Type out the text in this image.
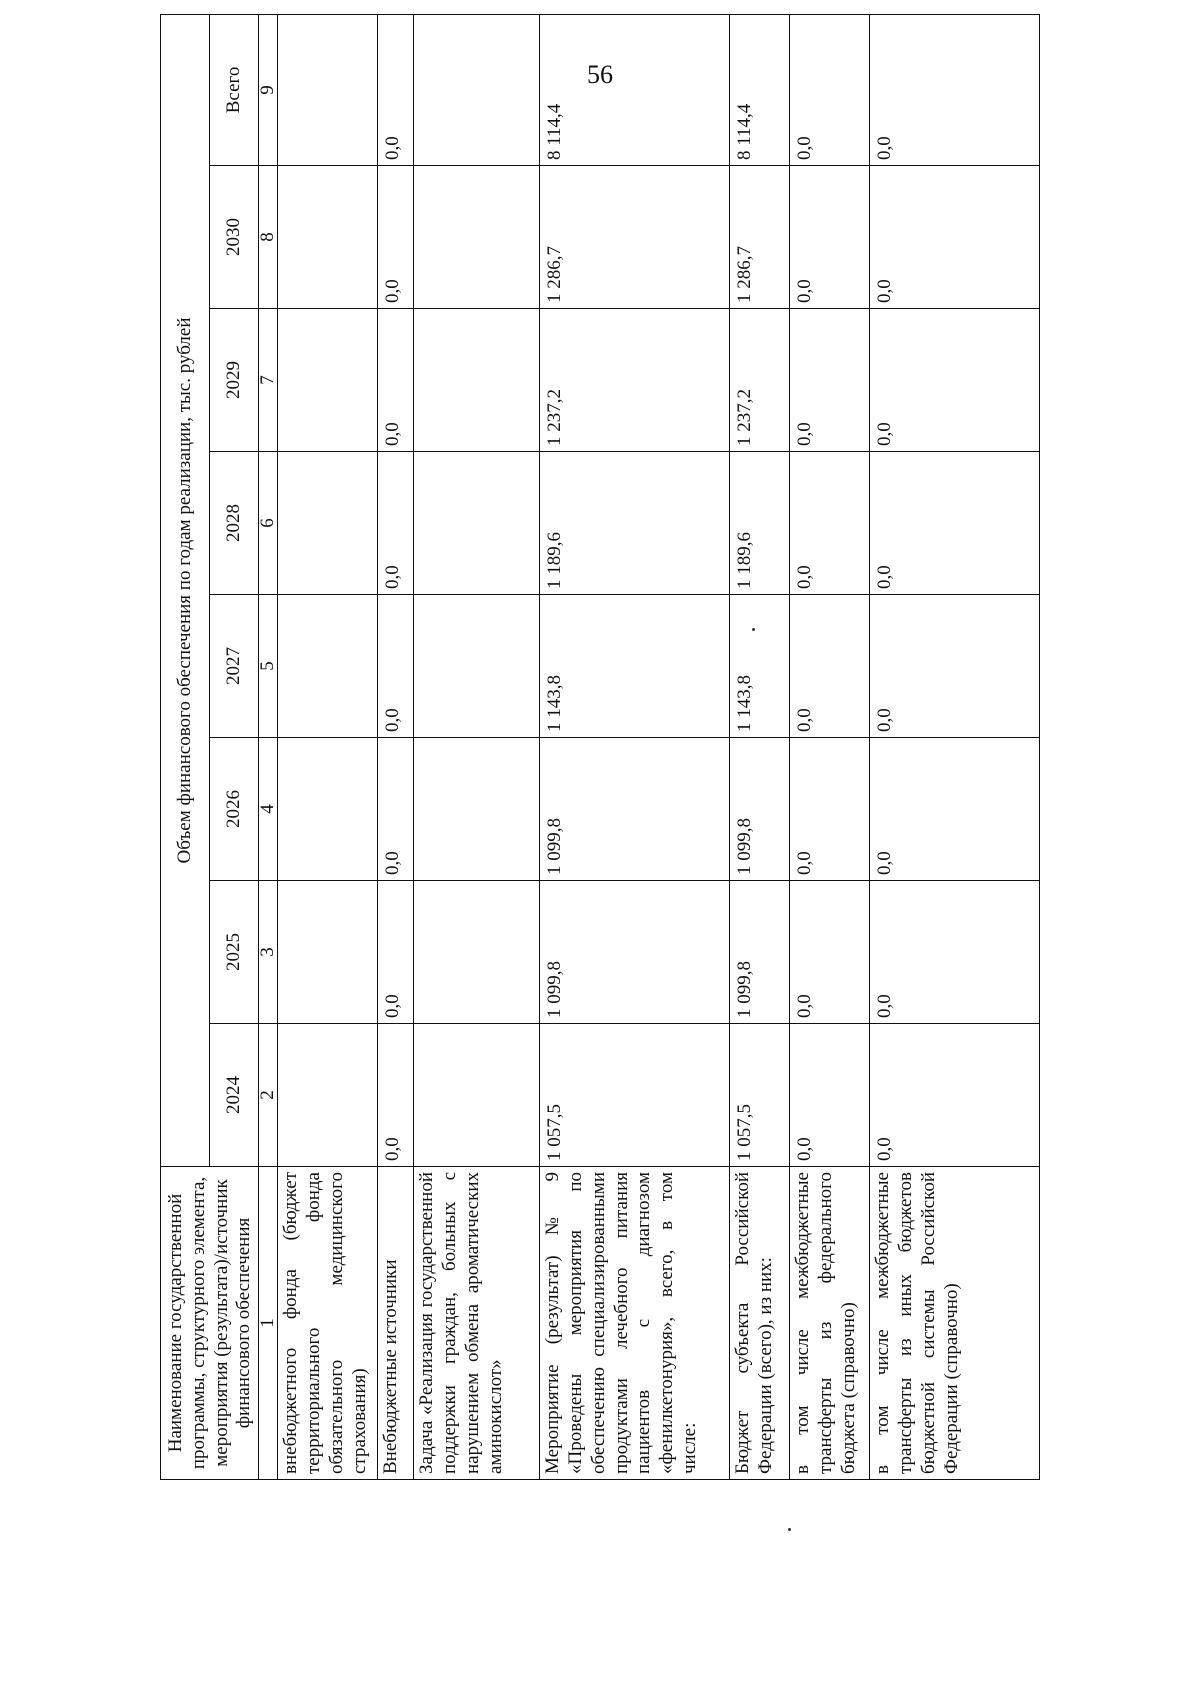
56
Наименование государственной программы, структурного элемента, мероприятия (результата)/источник финансового обеспечения	Объем финансового обеспечения по годам реализации, тыс. рублей							
	2024	2025	2026	2027	2028	2029	2030	Всего
1	2	3	4	5	6	7	8	9
внебюджетного фонда (бюджет территориального фонда обязательного медицинского страхования)								
Внебюджетные источники	0,0	0,0	0,0	0,0	0,0	0,0	0,0	0,0
Задача «Реализация государственной поддержки граждан, больных с нарушением обмена ароматических аминокислот»								
Мероприятие (результат) № 9 «Проведены мероприятия по обеспечению специализированными продуктами лечебного питания пациентов с диагнозом «фенилкетонурия», всего, в том числе:	1 057,5	1 099,8	1 099,8	1 143,8	1 189,6	1 237,2	1 286,7	8 114,4
Бюджет субъекта Российской Федерации (всего), из них:	1 057,5	1 099,8	1 099,8	1 143,8	1 189,6	1 237,2	1 286,7	8 114,4
в том числе межбюджетные трансферты из федерального бюджета (справочно)	0,0	0,0	0,0	0,0	0,0	0,0	0,0	0,0
в том числе межбюджетные трансферты из иных бюджетов бюджетной системы Российской Федерации (справочно)	0,0	0,0	0,0	0,0	0,0	0,0	0,0	0,0
